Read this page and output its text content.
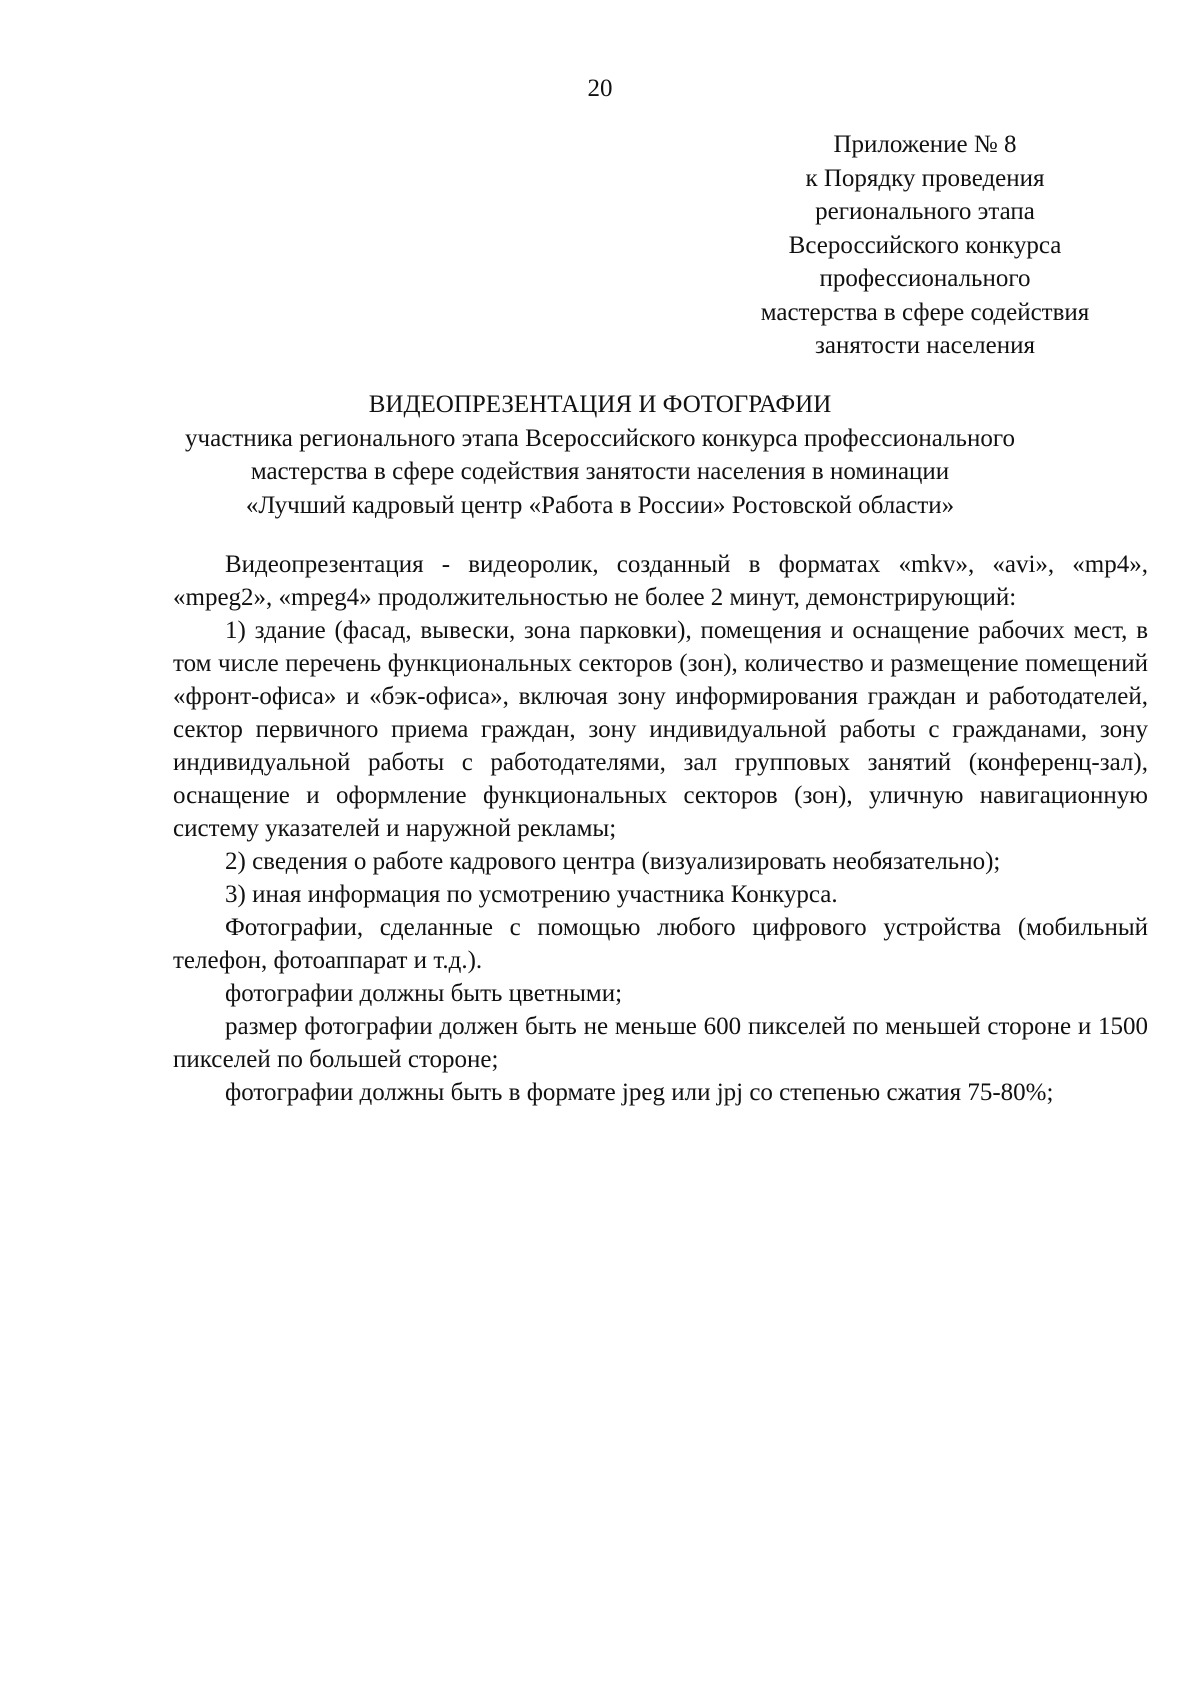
20
Приложение № 8
к Порядку проведения
регионального этапа
Всероссийского конкурса
профессионального
мастерства в сфере содействия
занятости населения
ВИДЕОПРЕЗЕНТАЦИЯ И ФОТОГРАФИИ
участника регионального этапа Всероссийского конкурса профессионального
мастерства в сфере содействия занятости населения в номинации
«Лучший кадровый центр «Работа в России» Ростовской области»

Видеопрезентация - видеоролик, созданный в форматах «mkv», «avi», «mp4», «mpeg2», «mpeg4» продолжительностью не более 2 минут, демонстрирующий:

1) здание (фасад, вывески, зона парковки), помещения и оснащение рабочих мест, в том числе перечень функциональных секторов (зон), количество и размещение помещений «фронт-офиса» и «бэк-офиса», включая зону информирования граждан и работодателей, сектор первичного приема граждан, зону индивидуальной работы с гражданами, зону индивидуальной работы с работодателями, зал групповых занятий (конференц-зал), оснащение и оформление функциональных секторов (зон), уличную навигационную систему указателей и наружной рекламы;

2) сведения о работе кадрового центра (визуализировать необязательно);

3) иная информация по усмотрению участника Конкурса.

Фотографии, сделанные с помощью любого цифрового устройства (мобильный телефон, фотоаппарат и т.д.).

фотографии должны быть цветными;

размер фотографии должен быть не меньше 600 пикселей по меньшей стороне и 1500 пикселей по большей стороне;

фотографии должны быть в формате jpeg или jpj со степенью сжатия 75-80%;
